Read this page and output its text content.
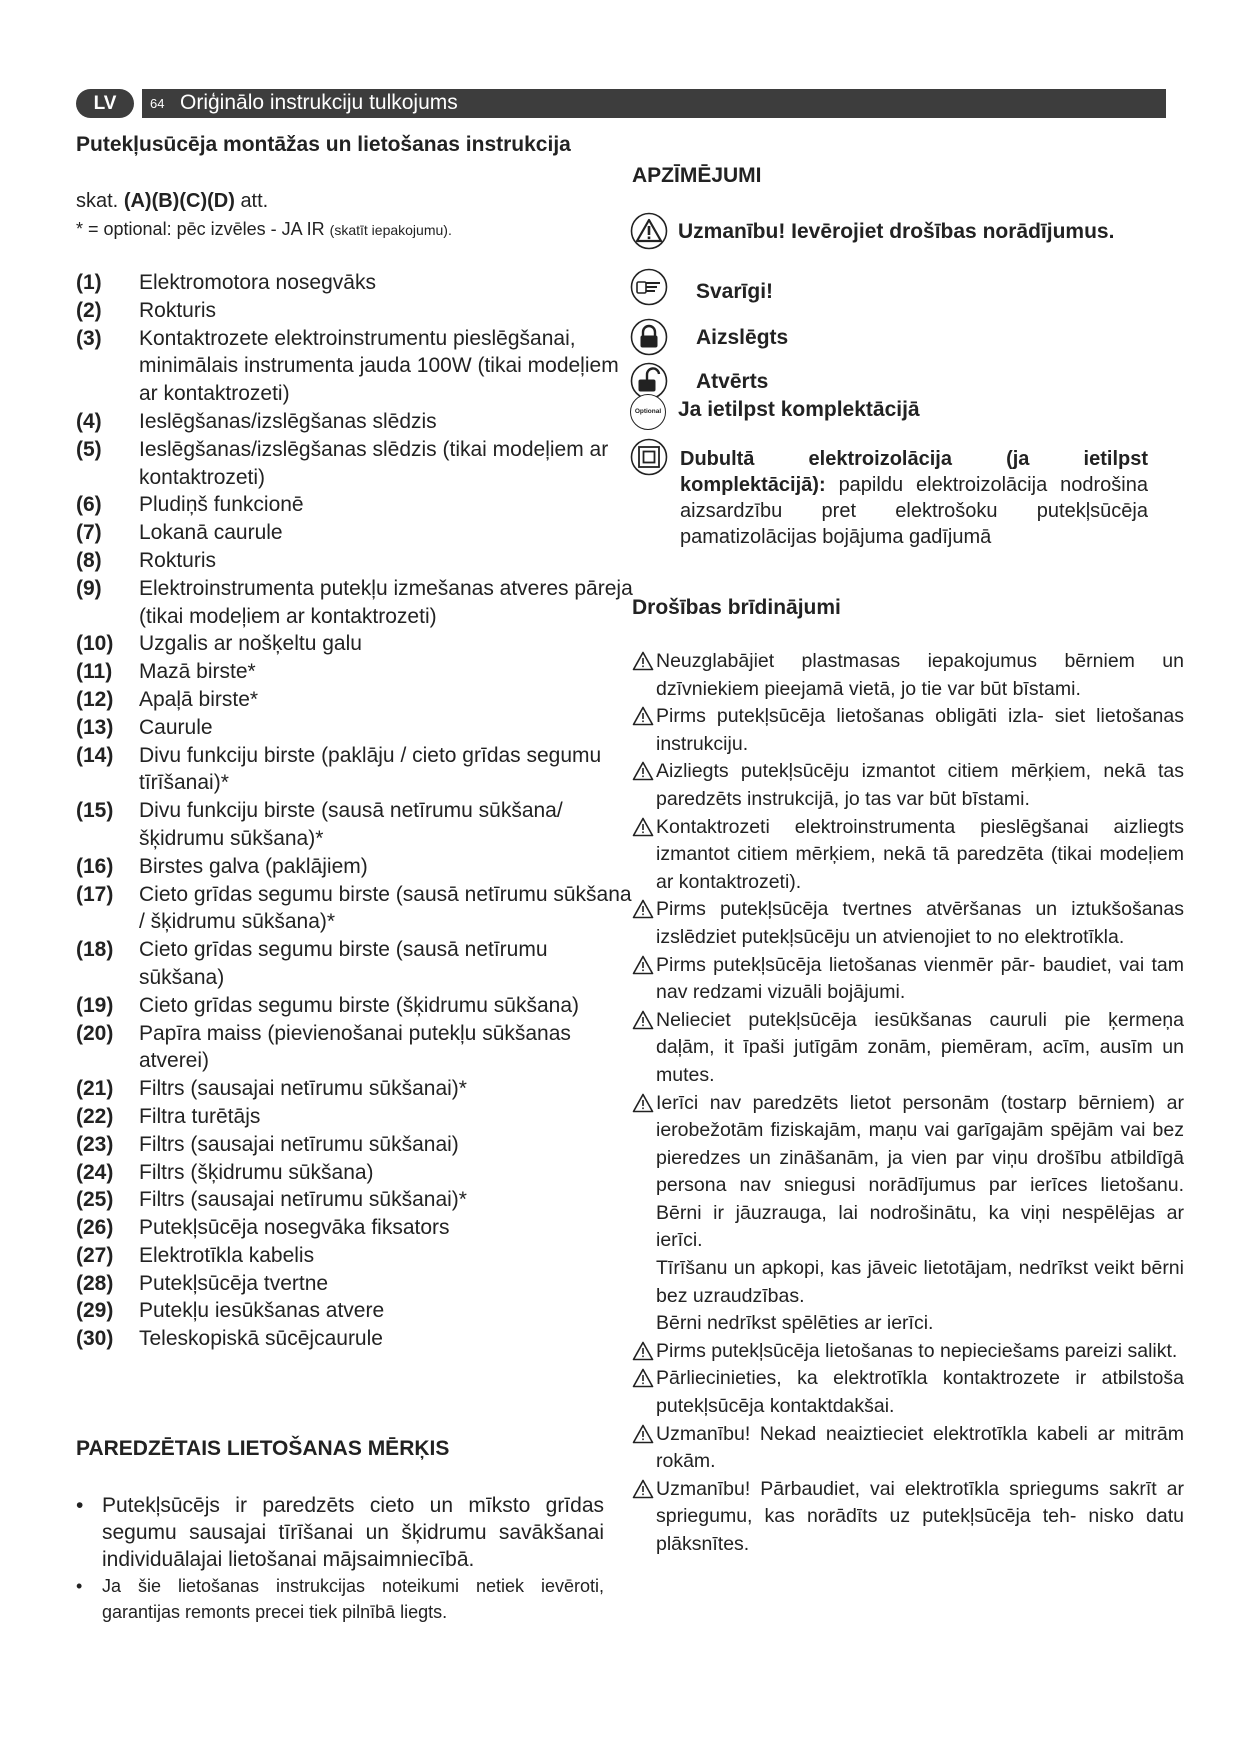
LV	64 Oriģinālo instrukciju tulkojums
Putekļusūcēja montāžas un lietošanas instrukcija
skat. (A)(B)(C)(D) att.
* = optional: pēc izvēles - JA IR (skatīt iepakojumu).
(1) Elektromotora nosegvāks
(2) Rokturis
(3) Kontaktrozete elektroinstrumentu pieslēgšanai, minimālais instrumenta jauda 100W (tikai modeļiem ar kontaktrozeti)
(4) Ieslēgšanas/izslēgšanas slēdzis
(5) Ieslēgšanas/izslēgšanas slēdzis (tikai modeļiem ar kontaktrozeti)
(6) Pludiņš funkcionē
(7) Lokanā caurule
(8) Rokturis
(9) Elektroinstrumenta putekļu izmešanas atveres pāreja (tikai modeļiem ar kontaktrozeti)
(10) Uzgalis ar nošķeltu galu
(11) Mazā birste*
(12) Apaļā birste*
(13) Caurule
(14) Divu funkciju birste (paklāju / cieto grīdas segumu tīrīšanai)*
(15) Divu funkciju birste (sausā netīrumu sūkšana/ šķidrumu sūkšana)*
(16) Birstes galva (paklājiem)
(17) Cieto grīdas segumu birste (sausā netīrumu sūkšana / šķidrumu sūkšana)*
(18) Cieto grīdas segumu birste (sausā netīrumu sūkšana)
(19) Cieto grīdas segumu birste (šķidrumu sūkšana)
(20) Papīra maiss (pievienošanai putekļu sūkšanas atverei)
(21) Filtrs (sausajai netīrumu sūkšanai)*
(22) Filtra turētājs
(23) Filtrs (sausajai netīrumu sūkšanai)
(24) Filtrs (šķidrumu sūkšana)
(25) Filtrs (sausajai netīrumu sūkšanai)*
(26) Putekļsūcēja nosegvāka fiksators
(27) Elektrotīkla kabelis
(28) Putekļsūcēja tvertne
(29) Putekļu iesūkšanas atvere
(30) Teleskopiskā sūcējcaurule
PAREDZĒTAIS LIETOŠANAS MĒRĶIS
• Putekļsūcējs ir paredzēts cieto un mīksto grīdas segumu sausajai tīrīšanai un šķidrumu savākšanai individuālajai lietošanai mājsaimniecībā.
• Ja šie lietošanas instrukcijas noteikumi netiek ievēroti, garantijas remonts precei tiek pilnībā liegts.
APZĪMĒJUMI
Uzmanību! Ievērojiet drošības norādījumus.
Svarīgi!
Aizslēgts
Atvērts
Optional Ja ietilpst komplektācijā
Dubultā elektroizolācija (ja ietilpst komplektācijā): papildu elektroizolācija nodrošina aizsardzību pret elektrošoku putekļsūcēja pamatizolācijas bojājuma gadījumā
Drošības brīdinājumi
Neuzglabājiet plastmasas iepakojumus bērniem un dzīvniekiem pieejamā vietā, jo tie var būt bīstami.
Pirms putekļsūcēja lietošanas obligāti izla- siet lietošanas instrukciju.
Aizliegts putekļsūcēju izmantot citiem mērķiem, nekā tas paredzēts instrukcijā, jo tas var būt bīstami.
Kontaktrozeti elektroinstrumenta pieslēgšanai aizliegts izmantot citiem mērķiem, nekā tā paredzēta (tikai modeļiem ar kontaktrozeti).
Pirms putekļsūcēja tvertnes atvēršanas un iztukšošanas izslēdziet putekļsūcēju un atvienojiet to no elektrotīkla.
Pirms putekļsūcēja lietošanas vienmēr pār- baudiet, vai tam nav redzami vizuāli bojājumi.
Nelieciet putekļsūcēja iesūkšanas cauruli pie ķermeņa daļām, it īpaši jutīgām zonām, piemēram, acīm, ausīm un mutes.
Ierīci nav paredzēts lietot personām (tostarp bērniem) ar ierobežotām fiziskajām, maņu vai garīgajām spējām vai bez pieredzes un zināšanām, ja vien par viņu drošību atbildīgā persona nav sniegusi norādījumus par ierīces lietošanu. Bērni ir jāuzrauga, lai nodrošinātu, ka viņi nespēlējas ar ierīci.
Tīrīšanu un apkopi, kas jāveic lietotājam, nedrīkst veikt bērni bez uzraudzības.
Bērni nedrīkst spēlēties ar ierīci.
Pirms putekļsūcēja lietošanas to nepieciešams pareizi salikt.
Pārliecinieties, ka elektrotīkla kontaktrozete ir atbilstoša putekļsūcēja kontaktdakšai.
Uzmanību! Nekad neaiztieciet elektrotīkla kabeli ar mitrām rokām.
Uzmanību! Pārbaudiet, vai elektrotīkla spriegums sakrīt ar spriegumu, kas norādīts uz putekļsūcēja teh- nisko datu plāksnītes.
